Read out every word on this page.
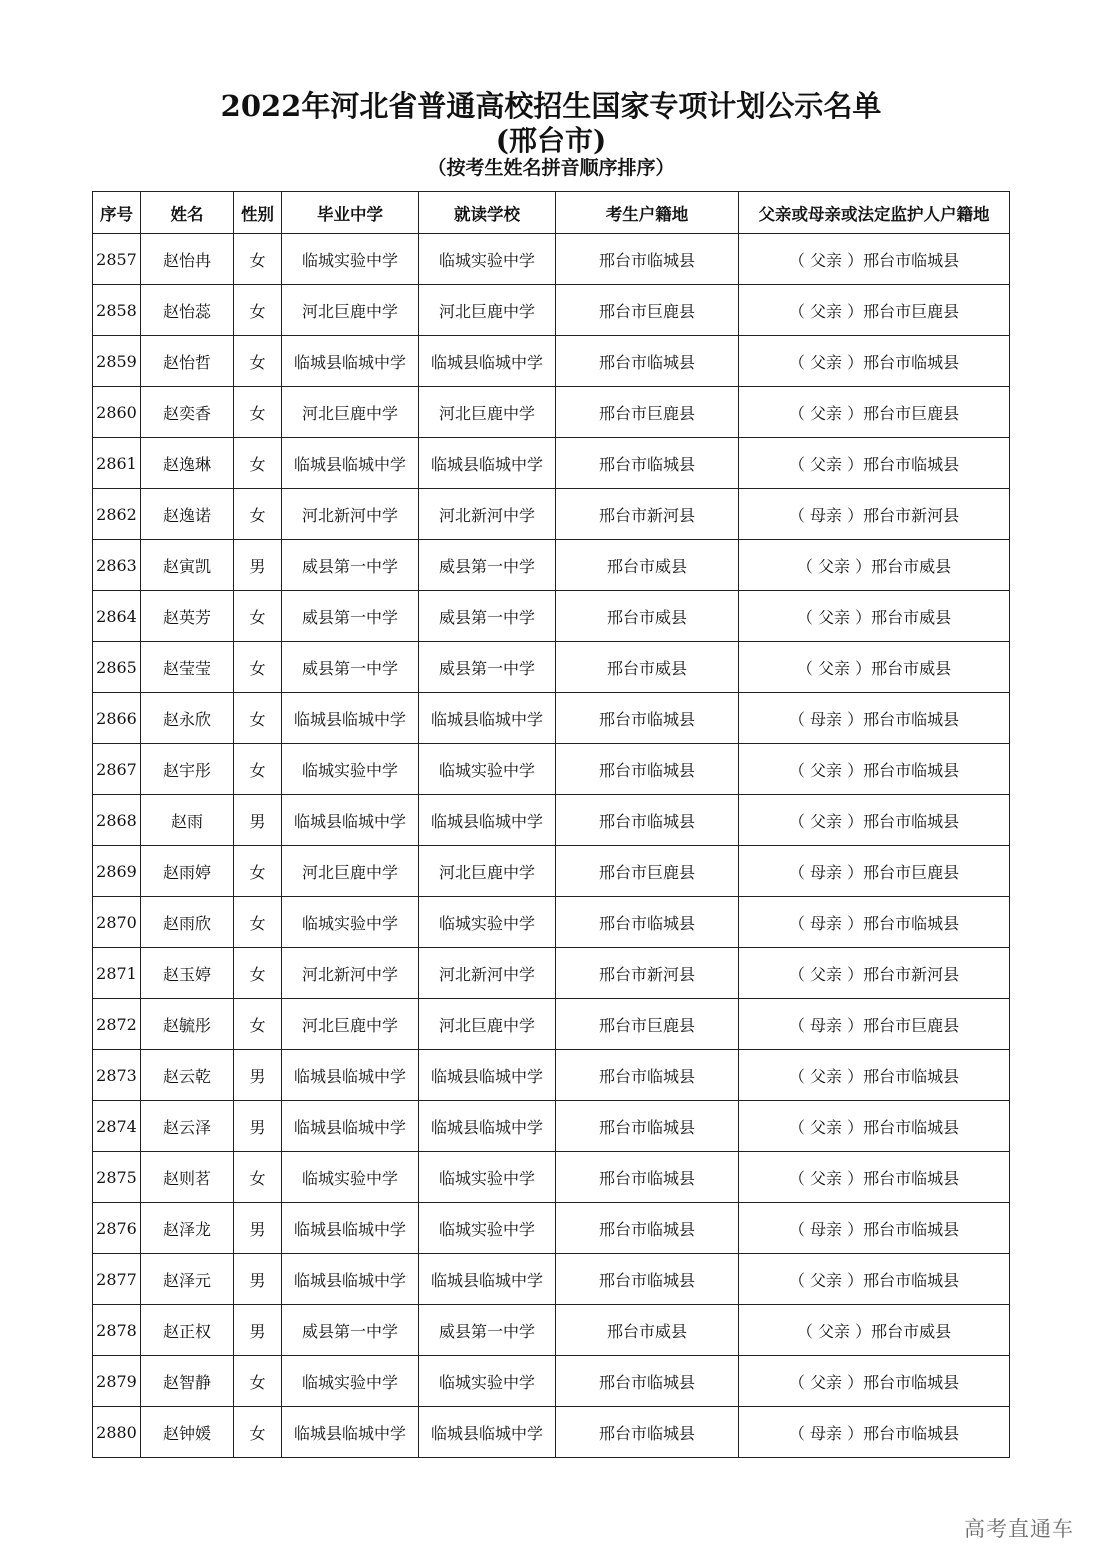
2022年河北省普通高校招生国家专项计划公示名单
(邢台市)
（按考生姓名拼音顺序排序）
序号	姓名	性别	毕业中学	就读学校	考生户籍地	父亲或母亲或法定监护人户籍地
2857	赵怡冉	女	临城实验中学	临城实验中学	邢台市临城县	（ 父亲 ）邢台市临城县
2858	赵怡蕊	女	河北巨鹿中学	河北巨鹿中学	邢台市巨鹿县	（ 父亲 ）邢台市巨鹿县
2859	赵怡哲	女	临城县临城中学	临城县临城中学	邢台市临城县	（ 父亲 ）邢台市临城县
2860	赵奕香	女	河北巨鹿中学	河北巨鹿中学	邢台市巨鹿县	（ 父亲 ）邢台市巨鹿县
2861	赵逸琳	女	临城县临城中学	临城县临城中学	邢台市临城县	（ 父亲 ）邢台市临城县
2862	赵逸诺	女	河北新河中学	河北新河中学	邢台市新河县	（ 母亲 ）邢台市新河县
2863	赵寅凯	男	威县第一中学	威县第一中学	邢台市威县	（ 父亲 ）邢台市威县
2864	赵英芳	女	威县第一中学	威县第一中学	邢台市威县	（ 父亲 ）邢台市威县
2865	赵莹莹	女	威县第一中学	威县第一中学	邢台市威县	（ 父亲 ）邢台市威县
2866	赵永欣	女	临城县临城中学	临城县临城中学	邢台市临城县	（ 母亲 ）邢台市临城县
2867	赵宇彤	女	临城实验中学	临城实验中学	邢台市临城县	（ 父亲 ）邢台市临城县
2868	赵雨	男	临城县临城中学	临城县临城中学	邢台市临城县	（ 父亲 ）邢台市临城县
2869	赵雨婷	女	河北巨鹿中学	河北巨鹿中学	邢台市巨鹿县	（ 母亲 ）邢台市巨鹿县
2870	赵雨欣	女	临城实验中学	临城实验中学	邢台市临城县	（ 母亲 ）邢台市临城县
2871	赵玉婷	女	河北新河中学	河北新河中学	邢台市新河县	（ 父亲 ）邢台市新河县
2872	赵毓彤	女	河北巨鹿中学	河北巨鹿中学	邢台市巨鹿县	（ 母亲 ）邢台市巨鹿县
2873	赵云乾	男	临城县临城中学	临城县临城中学	邢台市临城县	（ 父亲 ）邢台市临城县
2874	赵云泽	男	临城县临城中学	临城县临城中学	邢台市临城县	（ 父亲 ）邢台市临城县
2875	赵则茗	女	临城实验中学	临城实验中学	邢台市临城县	（ 父亲 ）邢台市临城县
2876	赵泽龙	男	临城县临城中学	临城实验中学	邢台市临城县	（ 母亲 ）邢台市临城县
2877	赵泽元	男	临城县临城中学	临城县临城中学	邢台市临城县	（ 父亲 ）邢台市临城县
2878	赵正权	男	威县第一中学	威县第一中学	邢台市威县	（ 父亲 ）邢台市威县
2879	赵智静	女	临城实验中学	临城实验中学	邢台市临城县	（ 父亲 ）邢台市临城县
2880	赵钟媛	女	临城县临城中学	临城县临城中学	邢台市临城县	（ 母亲 ）邢台市临城县
高考直通车
